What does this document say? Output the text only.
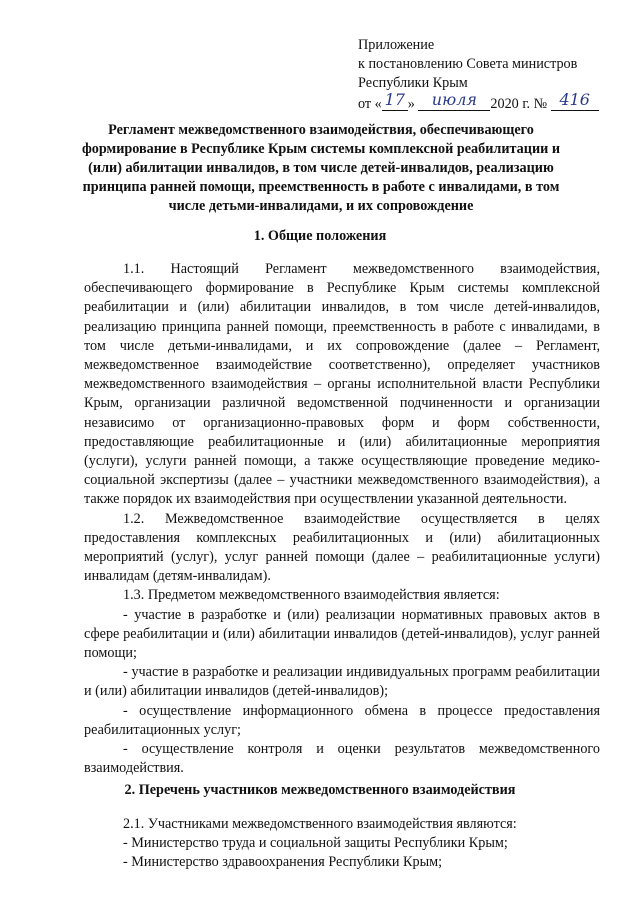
Приложение
к постановлению Совета министров
Республики Крым
от « 17 » июля 2020 г. № 416
Регламент межведомственного взаимодействия, обеспечивающего формирование в Республике Крым системы комплексной реабилитации и (или) абилитации инвалидов, в том числе детей-инвалидов, реализацию принципа ранней помощи, преемственность в работе с инвалидами, в том числе детьми-инвалидами, и их сопровождение
1. Общие положения

1.1. Настоящий Регламент межведомственного взаимодействия, обеспечивающего формирование в Республике Крым системы комплексной реабилитации и (или) абилитации инвалидов, в том числе детей-инвалидов, реализацию принципа ранней помощи, преемственность в работе с инвалидами, в том числе детьми-инвалидами, и их сопровождение (далее – Регламент, межведомственное взаимодействие соответственно), определяет участников межведомственного взаимодействия – органы исполнительной власти Республики Крым, организации различной ведомственной подчиненности и организации независимо от организационно-правовых форм и форм собственности, предоставляющие реабилитационные и (или) абилитационные мероприятия (услуги), услуги ранней помощи, а также осуществляющие проведение медико-социальной экспертизы (далее – участники межведомственного взаимодействия), а также порядок их взаимодействия при осуществлении указанной деятельности.

1.2. Межведомственное взаимодействие осуществляется в целях предоставления комплексных реабилитационных и (или) абилитационных мероприятий (услуг), услуг ранней помощи (далее – реабилитационные услуги) инвалидам (детям-инвалидам).

1.3. Предметом межведомственного взаимодействия является:

- участие в разработке и (или) реализации нормативных правовых актов в сфере реабилитации и (или) абилитации инвалидов (детей-инвалидов), услуг ранней помощи;

- участие в разработке и реализации индивидуальных программ реабилитации и (или) абилитации инвалидов (детей-инвалидов);

- осуществление информационного обмена в процессе предоставления реабилитационных услуг;

- осуществление контроля и оценки результатов межведомственного взаимодействия.

2. Перечень участников межведомственного взаимодействия

2.1. Участниками межведомственного взаимодействия являются:

- Министерство труда и социальной защиты Республики Крым;

- Министерство здравоохранения Республики Крым;
